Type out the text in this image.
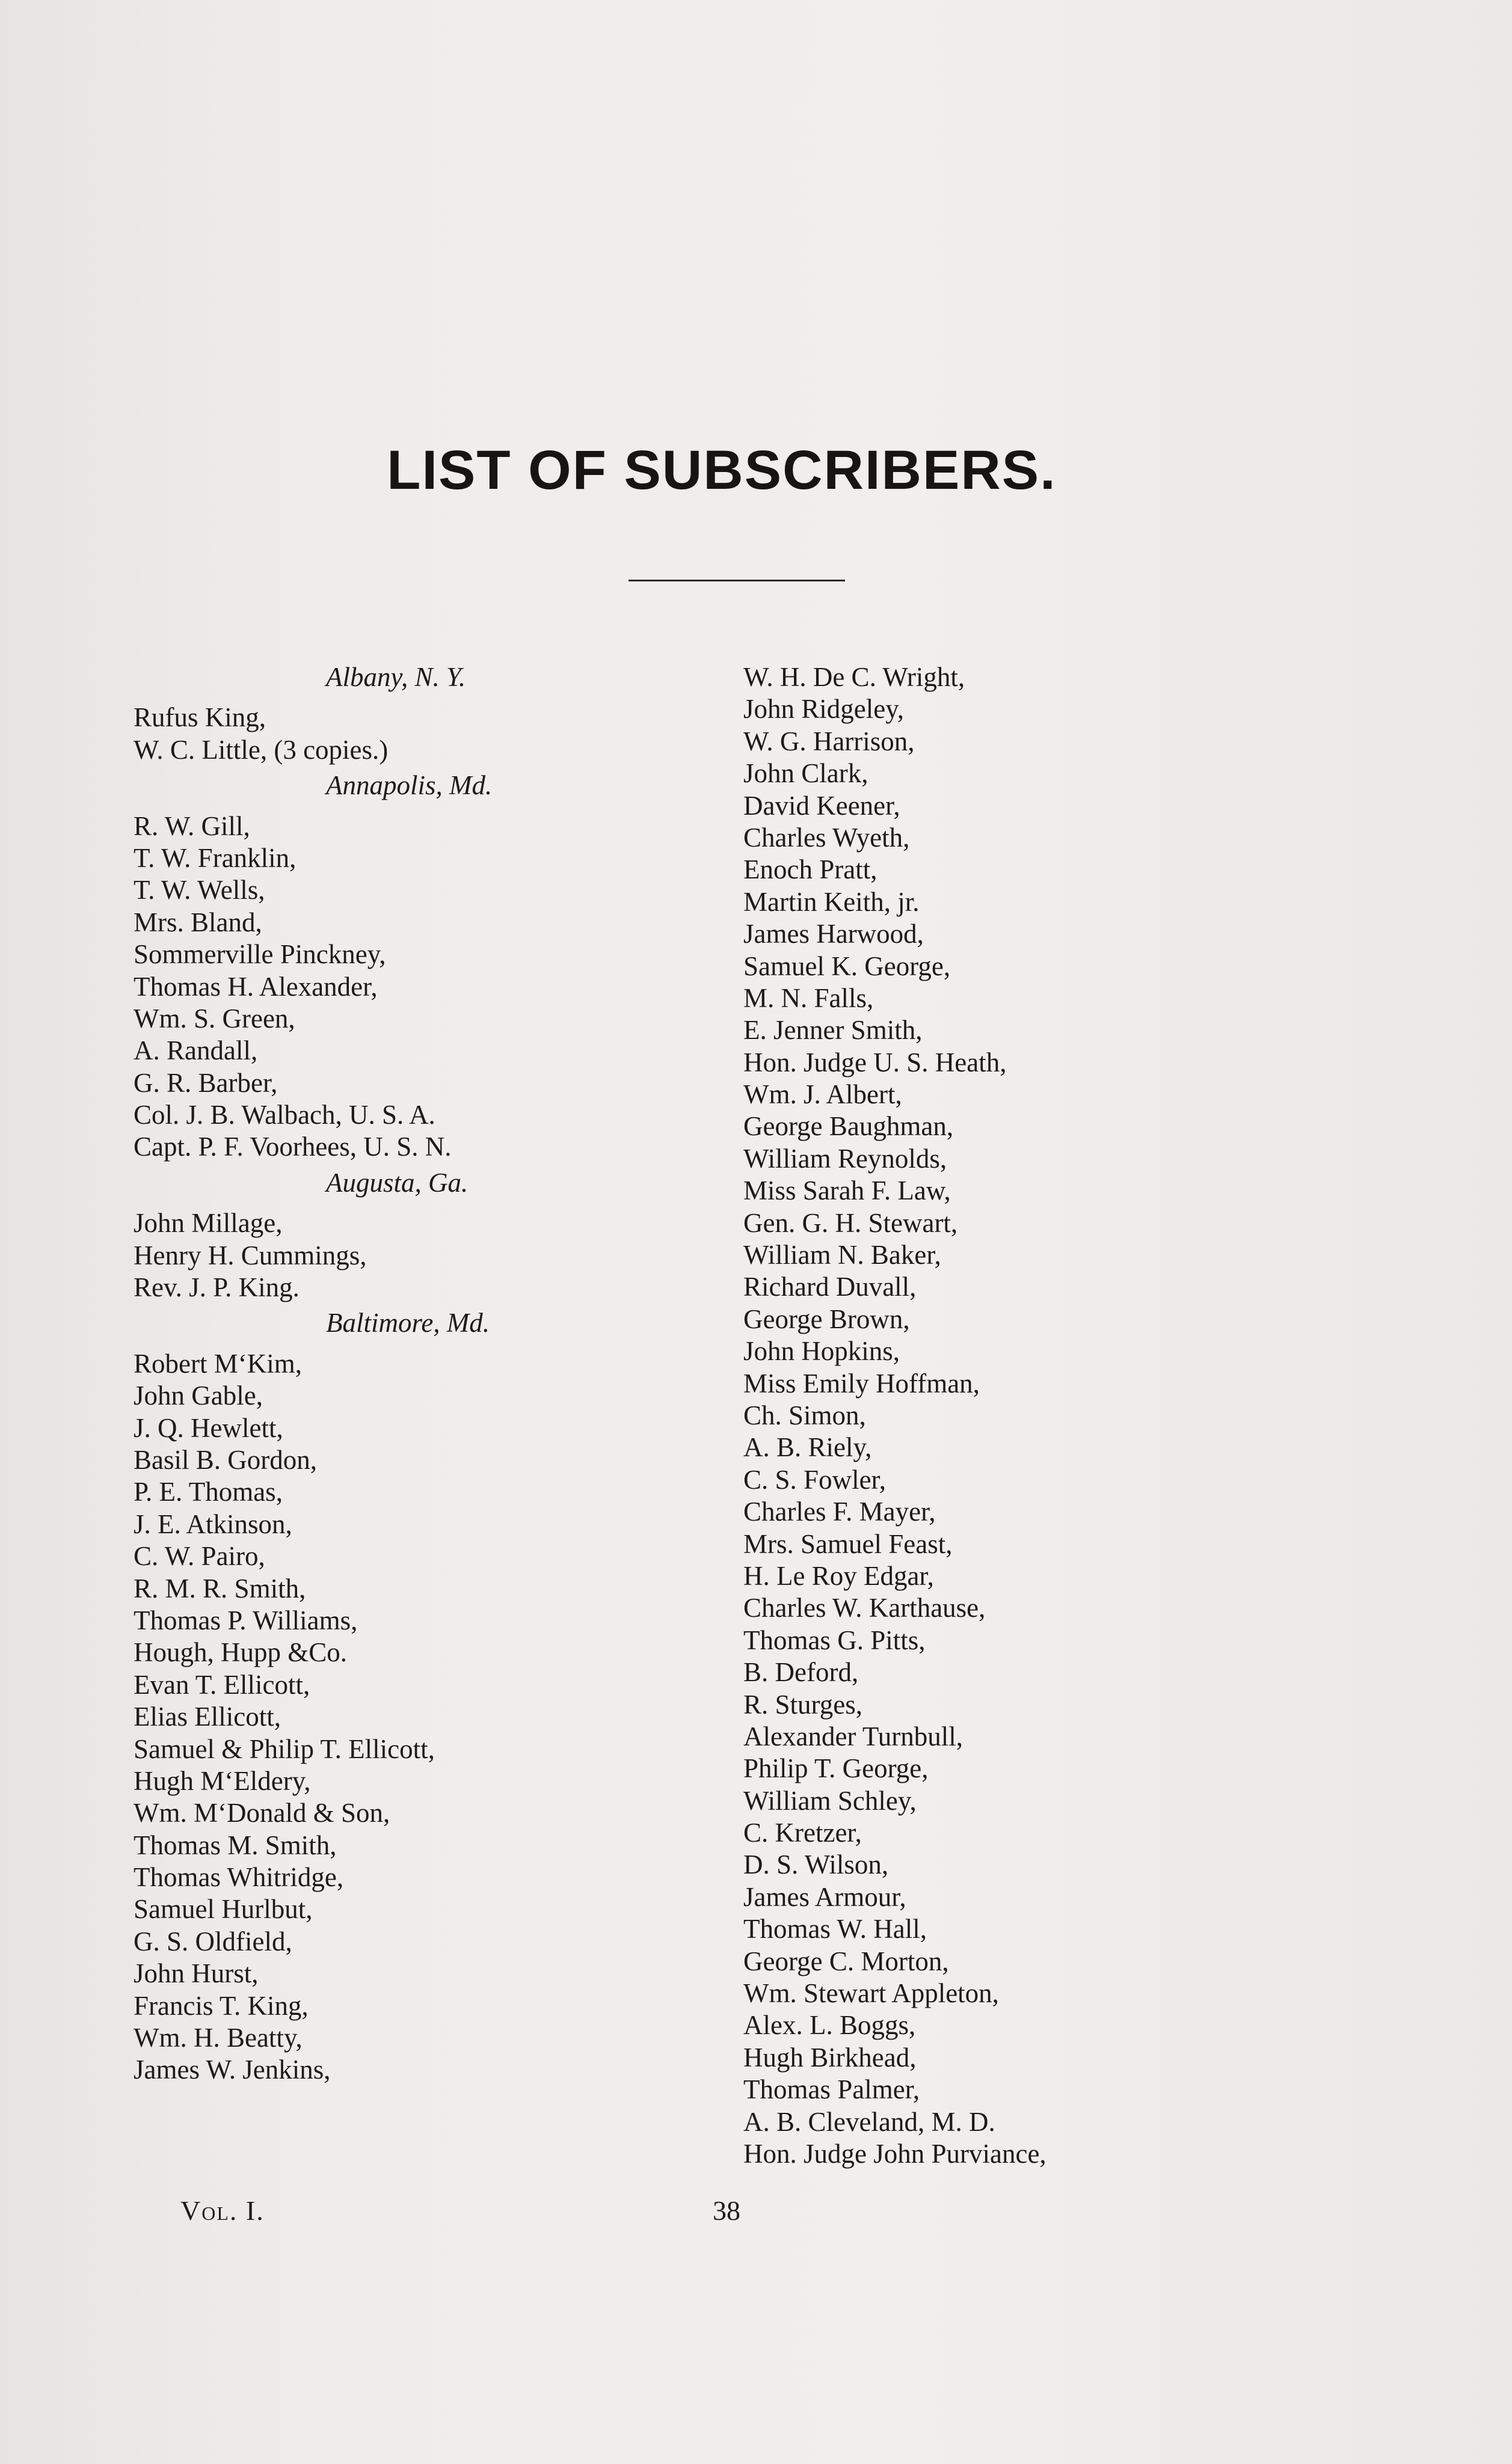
LIST OF SUBSCRIBERS.
Albany, N. Y.
Rufus King,
W. C. Little, (3 copies.)
Annapolis, Md.
R. W. Gill,
T. W. Franklin,
T. W. Wells,
Mrs. Bland,
Sommerville Pinckney,
Thomas H. Alexander,
Wm. S. Green,
A. Randall,
G. R. Barber,
Col. J. B. Walbach, U. S. A.
Capt. P. F. Voorhees, U. S. N.
Augusta, Ga.
John Millage,
Henry H. Cummings,
Rev. J. P. King.
Baltimore, Md.
Robert M‘Kim,
John Gable,
J. Q. Hewlett,
Basil B. Gordon,
P. E. Thomas,
J. E. Atkinson,
C. W. Pairo,
R. M. R. Smith,
Thomas P. Williams,
Hough, Hupp &Co.
Evan T. Ellicott,
Elias Ellicott,
Samuel & Philip T. Ellicott,
Hugh M‘Eldery,
Wm. M‘Donald & Son,
Thomas M. Smith,
Thomas Whitridge,
Samuel Hurlbut,
G. S. Oldfield,
John Hurst,
Francis T. King,
Wm. H. Beatty,
James W. Jenkins,
W. H. De C. Wright,
John Ridgeley,
W. G. Harrison,
John Clark,
David Keener,
Charles Wyeth,
Enoch Pratt,
Martin Keith, jr.
James Harwood,
Samuel K. George,
M. N. Falls,
E. Jenner Smith,
Hon. Judge U. S. Heath,
Wm. J. Albert,
George Baughman,
William Reynolds,
Miss Sarah F. Law,
Gen. G. H. Stewart,
William N. Baker,
Richard Duvall,
George Brown,
John Hopkins,
Miss Emily Hoffman,
Ch. Simon,
A. B. Riely,
C. S. Fowler,
Charles F. Mayer,
Mrs. Samuel Feast,
H. Le Roy Edgar,
Charles W. Karthause,
Thomas G. Pitts,
B. Deford,
R. Sturges,
Alexander Turnbull,
Philip T. George,
William Schley,
C. Kretzer,
D. S. Wilson,
James Armour,
Thomas W. Hall,
George C. Morton,
Wm. Stewart Appleton,
Alex. L. Boggs,
Hugh Birkhead,
Thomas Palmer,
A. B. Cleveland, M. D.
Hon. Judge John Purviance,
Vol. I.	38
